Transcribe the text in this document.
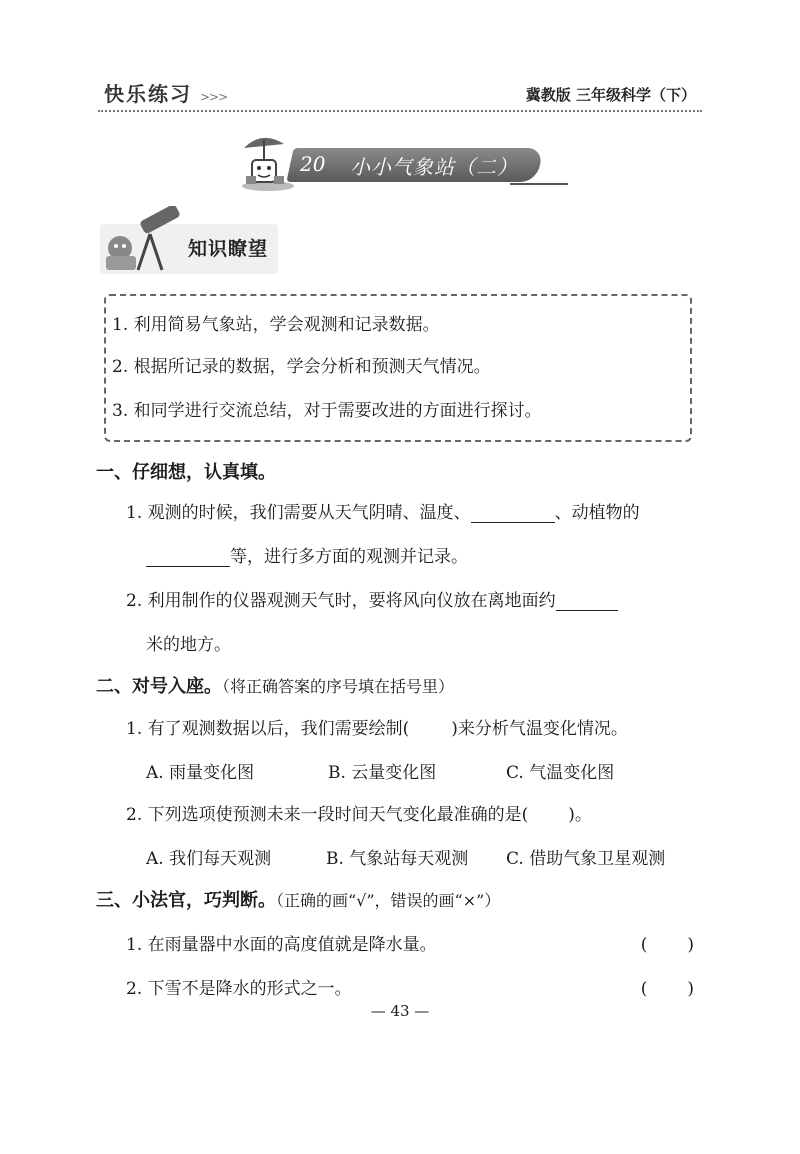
快乐练习 >>>	冀教版 三年级科学（下）
20 小小气象站（二）
知识瞭望
1. 利用简易气象站，学会观测和记录数据。
2. 根据所记录的数据，学会分析和预测天气情况。
3. 和同学进行交流总结，对于需要改进的方面进行探讨。
一、仔细想，认真填。
1. 观测的时候，我们需要从天气阴晴、温度、	、动植物的
等，进行多方面的观测并记录。
2. 利用制作的仪器观测天气时，要将风向仪放在离地面约
米的地方。
二、对号入座。（将正确答案的序号填在括号里）
1. 有了观测数据以后，我们需要绘制( )来分析气温变化情况。
A. 雨量变化图	B. 云量变化图	C. 气温变化图
2. 下列选项使预测未来一段时间天气变化最准确的是( )。
A. 我们每天观测	B. 气象站每天观测 C. 借助气象卫星观测
三、小法官，巧判断。（正确的画“√”，错误的画“×”）
1. 在雨量器中水面的高度值就是降水量。	(　　)
2. 下雪不是降水的形式之一。	(　　)
— 43 —
